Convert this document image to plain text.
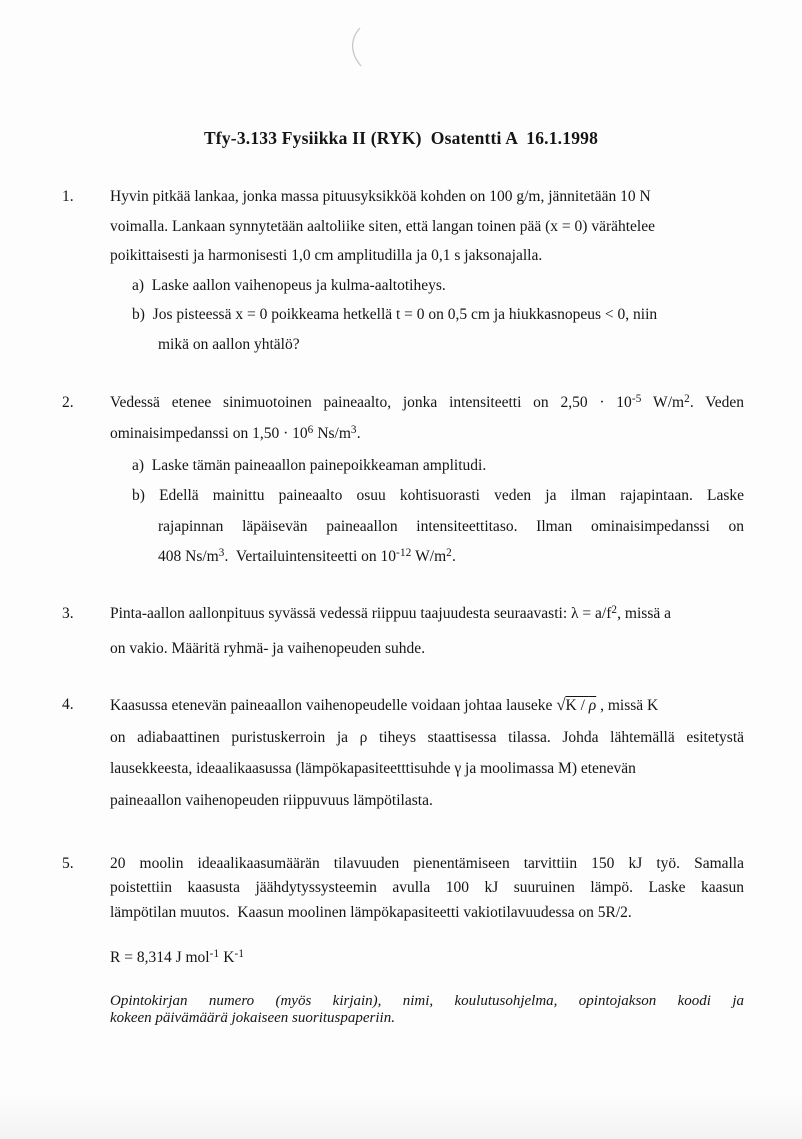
Tfy-3.133 Fysiikka II (RYK)  Osatentti A  16.1.1998
1. Hyvin pitkää lankaa, jonka massa pituusyksikköä kohden on 100 g/m, jännitetään 10 N
voimalla. Lankaan synnytetään aaltoliike siten, että langan toinen pää (x = 0) värähtelee
poikittaisesti ja harmonisesti 1,0 cm amplitudilla ja 0,1 s jaksonajalla.
a)  Laske aallon vaihenopeus ja kulma-aaltotiheys.
b)  Jos pisteessä x = 0 poikkeama hetkellä t = 0 on 0,5 cm ja hiukkasnopeus < 0, niin
mikä on aallon yhtälö?
2. Vedessä etenee sinimuotoinen paineaalto, jonka intensiteetti on $2,50 \cdot 10^{-5}$ $W/m^2$. Veden
ominaisimpedanssi on $1,50 \cdot 10^6$ $Ns/m^3$.
a)  Laske tämän paineaallon painepoikkeaman amplitudi.
b) Edellä mainittu paineaalto osuu kohtisuorasti veden ja ilman rajapintaan. Laske
rajapinnan läpäisevän paineaallon intensiteettitaso. Ilman ominaisimpedanssi on
408 $Ns/m^3$.  Vertailuintensiteetti on $10^{-12}$ $W/m^2$.
3. Pinta-aallon aallonpituus syvässä vedessä riippuu taajuudesta seuraavasti: $\lambda = a/f^2$, missä a
on vakio. Määritä ryhmä- ja vaihenopeuden suhde.
4. Kaasussa etenevän paineaallon vaihenopeudelle voidaan johtaa lauseke $√K / \overline{\rho}$ , missä K
on adiabaattinen puristuskerroin ja ρ tiheys staattisessa tilassa. Johda lähtemällä esitetystä
lausekkeesta, ideaalikaasussa (lämpökapasiteetttisuhde γ ja moolimassa M) etenevän
paineaallon vaihenopeuden riippuvuus lämpötilasta.
5. 20 moolin ideaalikaasumäärän tilavuuden pienentämiseen tarvittiin 150 kJ työ. Samalla
poistettiin kaasusta jäähdytyssysteemin avulla 100 kJ suuruinen lämpö. Laske kaasun
lämpötilan muutos.  Kaasun moolinen lämpökapasiteetti vakiotilavuudessa on 5R/2.
R = 8,314 J mol$^{-1}$ $K^{-1}$
Opintokirjan numero (myös kirjain), nimi, koulutusohjelma, opintojakson koodi ja
kokeen päivämäärä jokaiseen suorituspaperiin.
